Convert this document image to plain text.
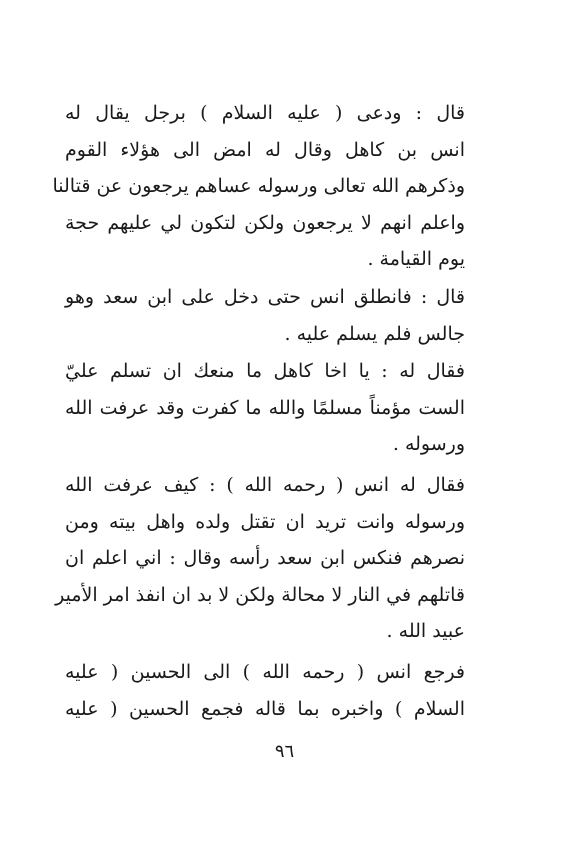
قال : ودعى ( عليه السلام ) برجل يقال له
انس بن كاهل وقال له امض الى هؤلاء القوم
وذكرهم الله تعالى ورسوله عساهم يرجعون عن قتالنا
واعلم انهم لا يرجعون ولكن لتكون لي عليهم حجة
يوم القيامة .
قال : فانطلق انس حتى دخل على ابن سعد وهو
جالس فلم يسلم عليه .
فقال له : يا اخا كاهل ما منعك ان تسلم عليّ
الست مؤمناً مسلمًا والله ما كفرت وقد عرفت الله
ورسوله .
فقال له انس ( رحمه الله ) : كيف عرفت الله
ورسوله وانت تريد ان تقتل ولده واهل بيته ومن
نصرهم فنكس ابن سعد رأسه وقال : اني اعلم ان
قاتلهم في النار لا محالة ولكن لا بد ان انفذ امر الأمير
عبيد الله .
فرجع انس ( رحمه الله ) الى الحسين ( عليه
السلام ) واخبره بما قاله فجمع الحسين ( عليه
٩٦
